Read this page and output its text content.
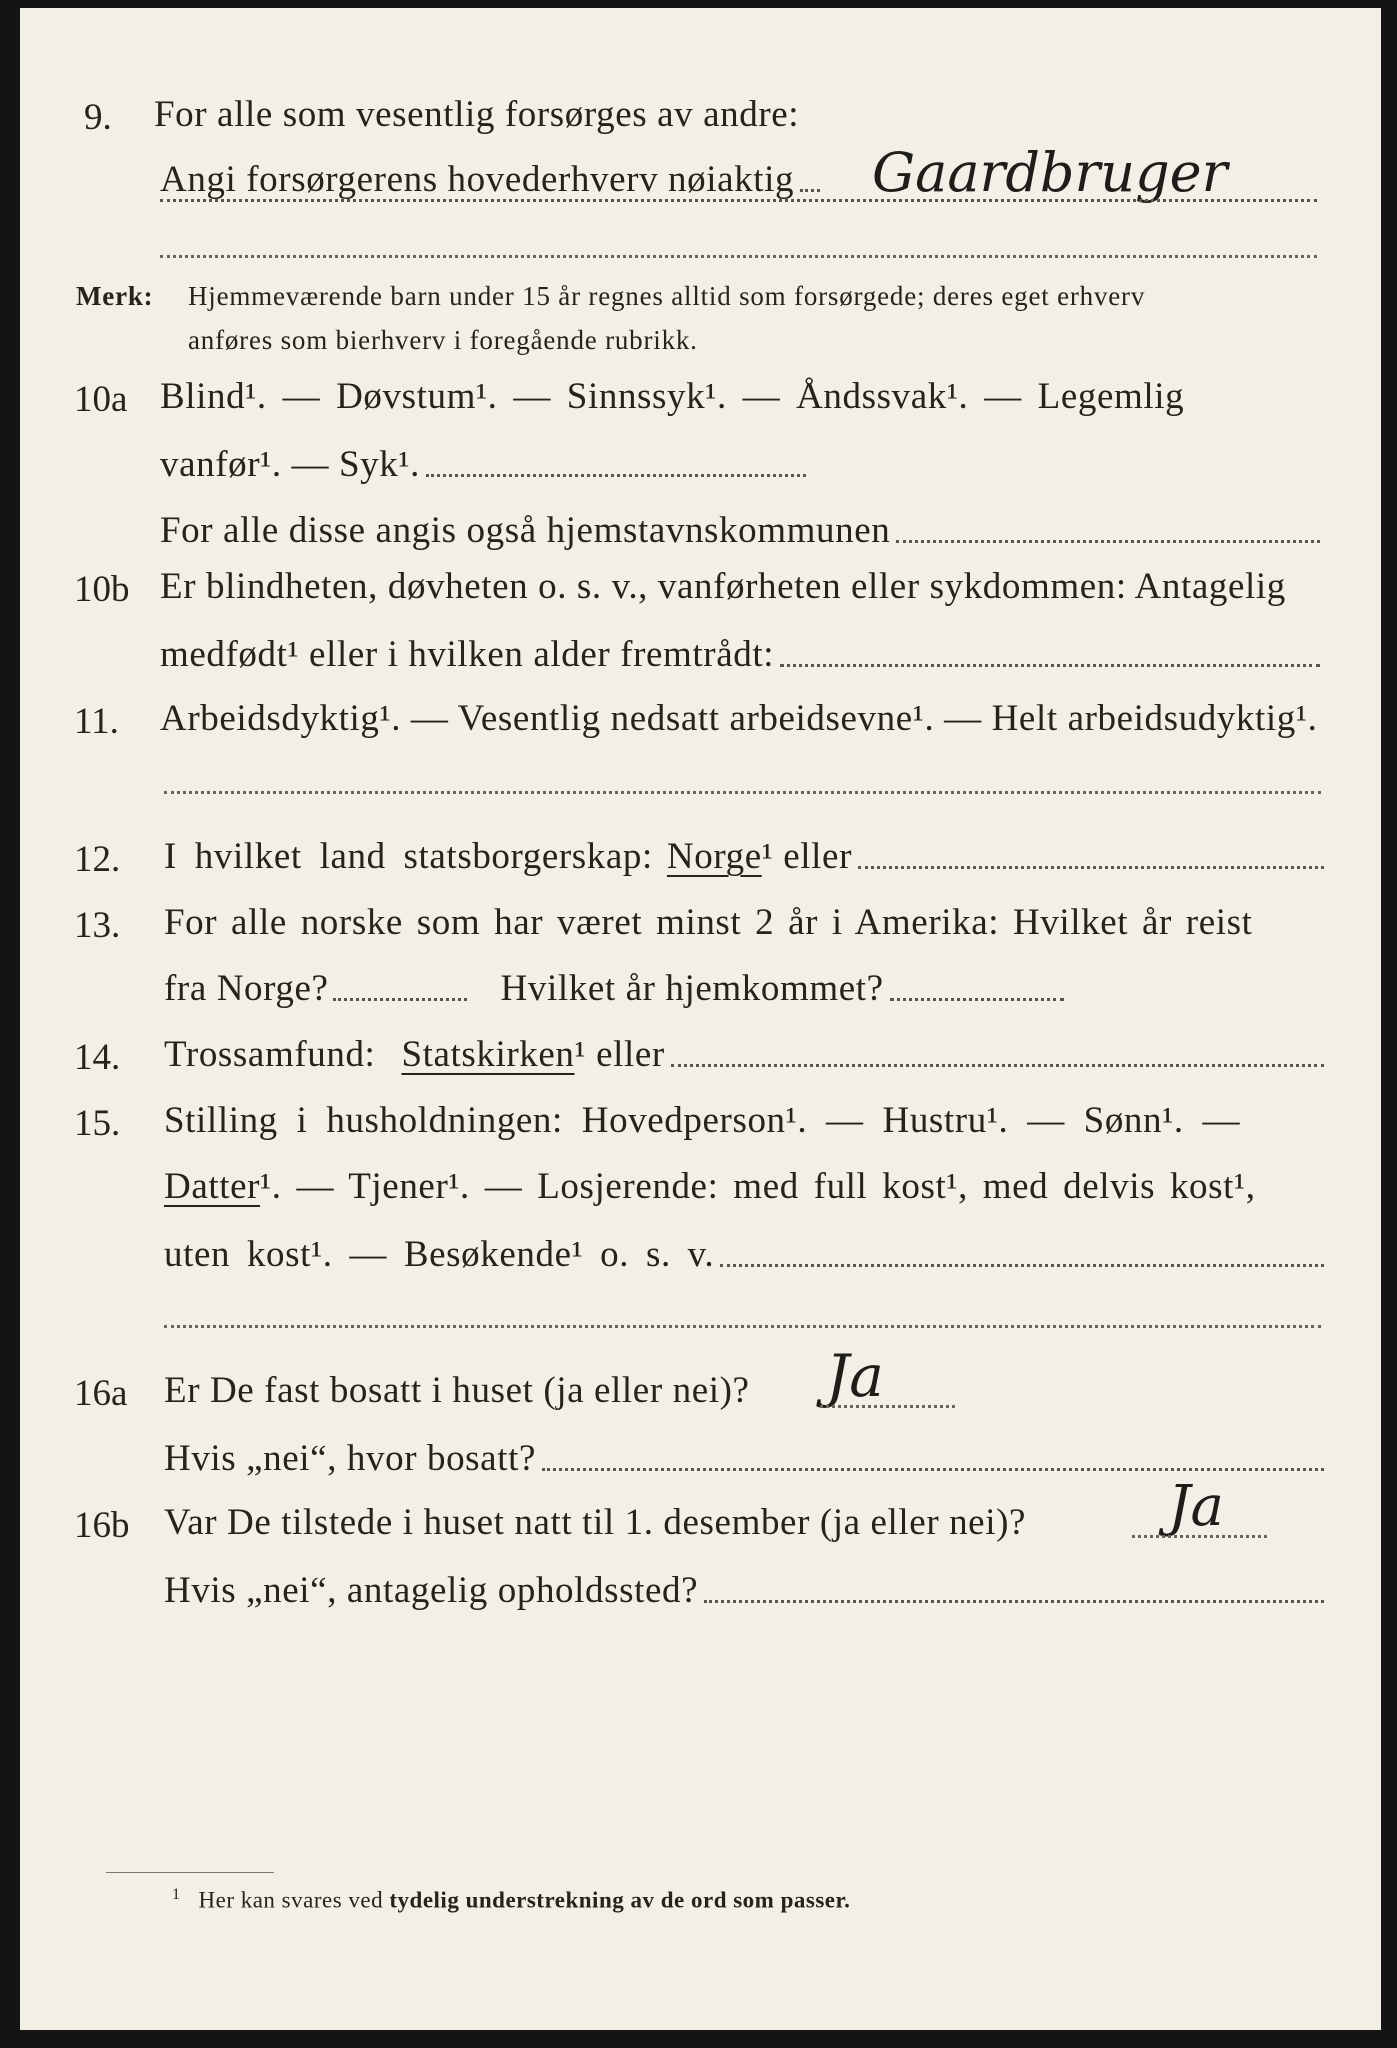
9. For alle som vesentlig forsørges av andre:
Angi forsørgerens hovederhverv nøiaktig Gaardbruger
Merk: Hjemmeværende barn under 15 år regnes alltid som forsørgede; deres eget erhverv
anføres som bierhverv i foregående rubrikk.
10a Blind¹. — Døvstum¹. — Sinnssyk¹. — Åndssvak¹. — Legemlig
vanfør¹. — Syk¹.
For alle disse angis også hjemstavnskommunen
10b Er blindheten, døvheten o. s. v., vanførheten eller sykdommen: Antagelig
medfødt¹ eller i hvilken alder fremtrådt:
11. Arbeidsdyktig¹. — Vesentlig nedsatt arbeidsevne¹. — Helt arbeidsudyktig¹.
12. I hvilket land statsborgerskap: Norge ¹ eller
13. For alle norske som har været minst 2 år i Amerika: Hvilket år reist
fra Norge?	Hvilket år hjemkommet?
14. Trossamfund: Statskirken ¹ eller
15. Stilling i husholdningen: Hovedperson¹. — Hustru¹. — Sønn¹. —
Datter ¹. — Tjener¹. — Losjerende: med full kost¹, med delvis kost¹,
uten kost¹. — Besøkende¹ o. s. v.
16a Er De fast bosatt i huset (ja eller nei)? Ja
Hvis „nei“, hvor bosatt?
16b Var De tilstede i huset natt til 1. desember (ja eller nei)?	Ja
Hvis „nei“, antagelig opholdssted?
$^1$ Her kan svares ved tydelig understrekning av de ord som passer.
